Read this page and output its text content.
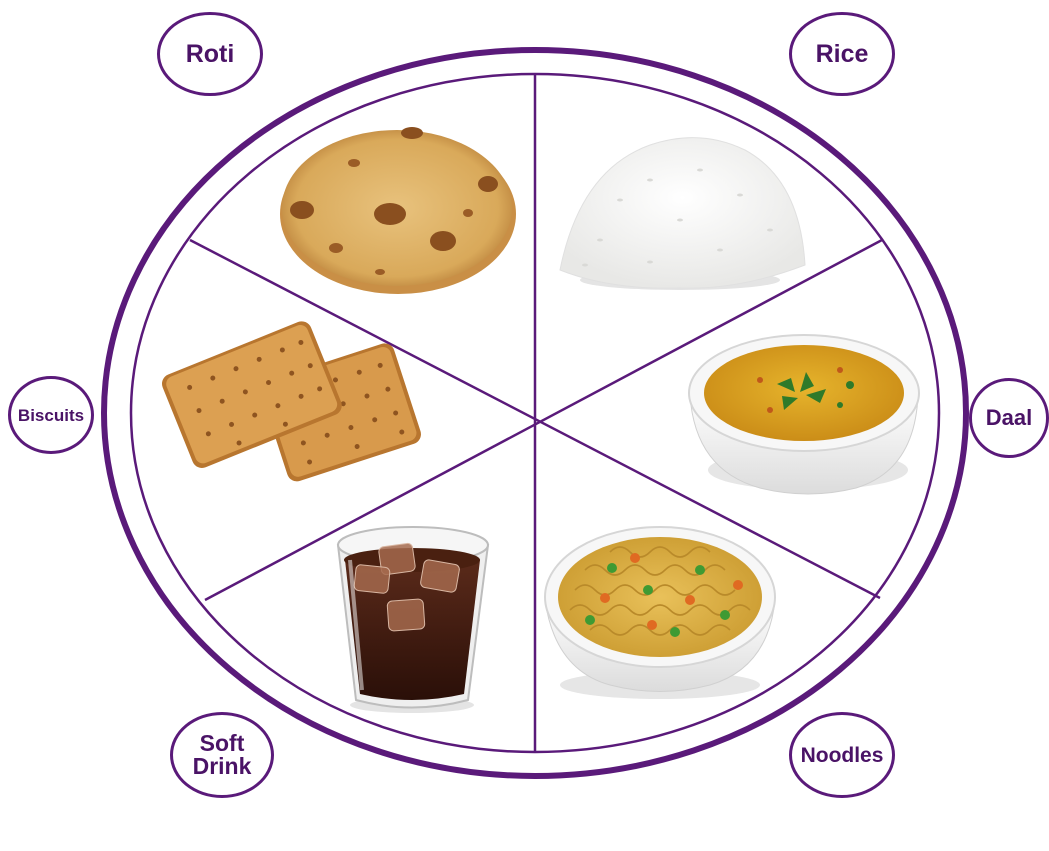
Roti	Rice
Biscuits	Daal
Soft
Drink	Noodles
